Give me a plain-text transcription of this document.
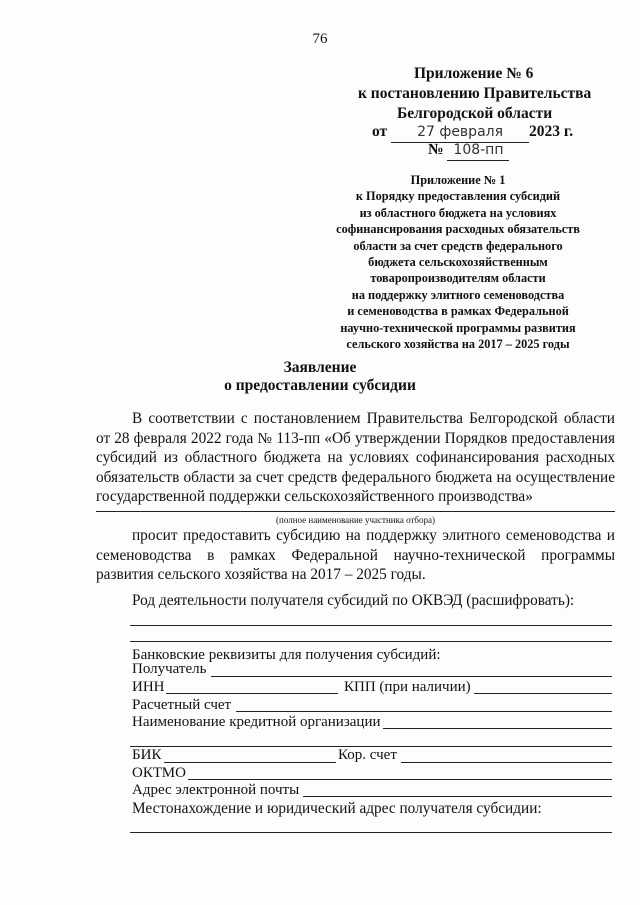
76
Приложение № 6
к постановлению Правительства
Белгородской области
от 27 февраля 2023 г.
№ 108-пп
Приложение № 1
к Порядку предоставления субсидий
из областного бюджета на условиях
софинансирования расходных обязательств
области за счет средств федерального
бюджета сельскохозяйственным
товаропроизводителям области
на поддержку элитного семеноводства
и семеноводства в рамках Федеральной
научно-технической программы развития
сельского хозяйства на 2017 – 2025 годы
Заявление
о предоставлении субсидии
В соответствии с постановлением Правительства Белгородской области от 28 февраля 2022 года № 113-пп «Об утверждении Порядков предоставления субсидий из областного бюджета на условиях софинансирования расходных обязательств области за счет средств федерального бюджета на осуществление государственной поддержки сельскохозяйственного производства»
(полное наименование участника отбора)
просит предоставить субсидию на поддержку элитного семеноводства и семеноводства в рамках Федеральной научно-технической программы развития сельского хозяйства на 2017 – 2025 годы.
Род деятельности получателя субсидий по ОКВЭД (расшифровать):
Банковские реквизиты для получения субсидий:
Получатель
ИНН	КПП (при наличии)
Расчетный счет
Наименование кредитной организации
БИК	Кор. счет
ОКТМО
Адрес электронной почты
Местонахождение и юридический адрес получателя субсидии:
